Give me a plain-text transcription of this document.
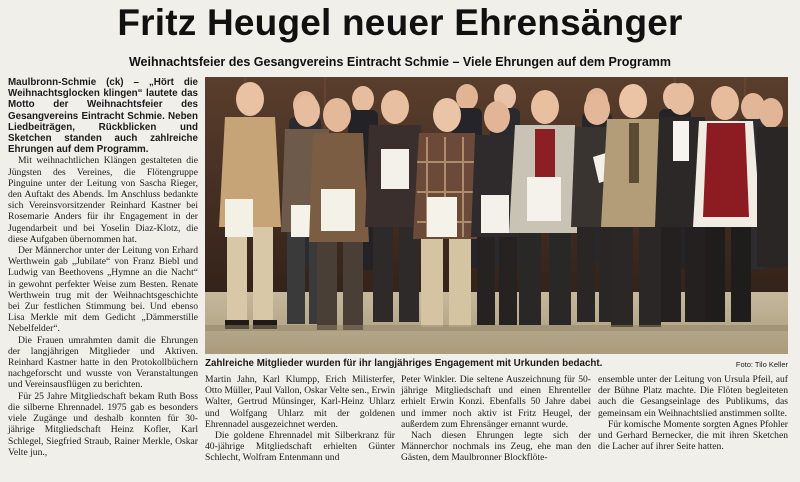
Fritz Heugel neuer Ehrensänger
Weihnachtsfeier des Gesangvereins Eintracht Schmie – Viele Ehrungen auf dem Programm

Maulbronn-Schmie (ck) – „Hört die Weihnachtsglocken klingen“ lautete das Motto der Weihnachtsfeier des Gesangvereins Eintracht Schmie. Neben Liedbeiträgen, Rückblicken und Sketchen standen auch zahlreiche Ehrungen auf dem Programm.

Mit weihnachtlichen Klängen gestalteten die Jüngsten des Vereines, die Flötengruppe Pinguine unter der Leitung von Sascha Rieger, den Auftakt des Abends. Im Anschluss bedankte sich Vereinsvorsitzender Reinhard Kastner bei Rosemarie Anders für ihr Engagement in der Jugendarbeit und bei Yoselin Diaz-Klotz, die diese Aufgaben übernommen hat.

Der Männerchor unter der Leitung von Erhard Werthwein gab „Jubilate“ von Franz Biebl und Ludwig van Beethovens „Hymne an die Nacht“ in gewohnt perfekter Weise zum Besten. Renate Werthwein trug mit der Weihnachtsgeschichte bei Zur festlichen Stimmung bei. Und ebenso Lisa Merkle mit dem Gedicht „Dämmerstille Nebelfelder“.

Die Frauen umrahmten damit die Ehrungen der langjährigen Mitglieder und Aktiven. Reinhard Kastner hatte in den Protokollbüchern nachgeforscht und wusste von Veranstaltungen und Vereinsausflügen zu berichten.

Für 25 Jahre Mitgliedschaft bekam Ruth Boss die silberne Ehrennadel. 1975 gab es besonders viele Zugänge und deshalb konnten für 30-jährige Mitgliedschaft Heinz Kofler, Karl Schlegel, Siegfried Straub, Rainer Merkle, Oskar Velte jun.,

Zahlreiche Mitglieder wurden für ihr langjähriges Engagement mit Urkunden bedacht.	Foto: Tilo Keller

Martin Jahn, Karl Klumpp, Erich Milisterfer, Otto Müller, Paul Vallon, Oskar Velte sen., Erwin Walter, Gertrud Münsinger, Karl-Heinz Uhlarz und Wolfgang Uhlarz mit der goldenen Ehrennadel ausgezeichnet werden.

Die goldene Ehrennadel mit Silberkranz für 40-jährige Mitgliedschaft erhielten Günter Schlecht, Wolfram Entenmann und

Peter Winkler. Die seltene Auszeichnung für 50-jährige Mitgliedschaft und einen Ehrenteller erhielt Erwin Konzi. Ebenfalls 50 Jahre dabei und immer noch aktiv ist Fritz Heugel, der außerdem zum Ehrensänger ernannt wurde.

Nach diesen Ehrungen legte sich der Männerchor nochmals ins Zeug, ehe man den Gästen, dem Maulbronner Blockflöte-

ensemble unter der Leitung von Ursula Pfeil, auf der Bühne Platz machte. Die Flöten begleiteten auch die Gesangseinlage des Publikums, das gemeinsam ein Weihnachtslied anstimmen sollte.

Für komische Momente sorgten Agnes Pfohler und Gerhard Bernecker, die mit ihren Sketchen die Lacher auf ihrer Seite hatten.
